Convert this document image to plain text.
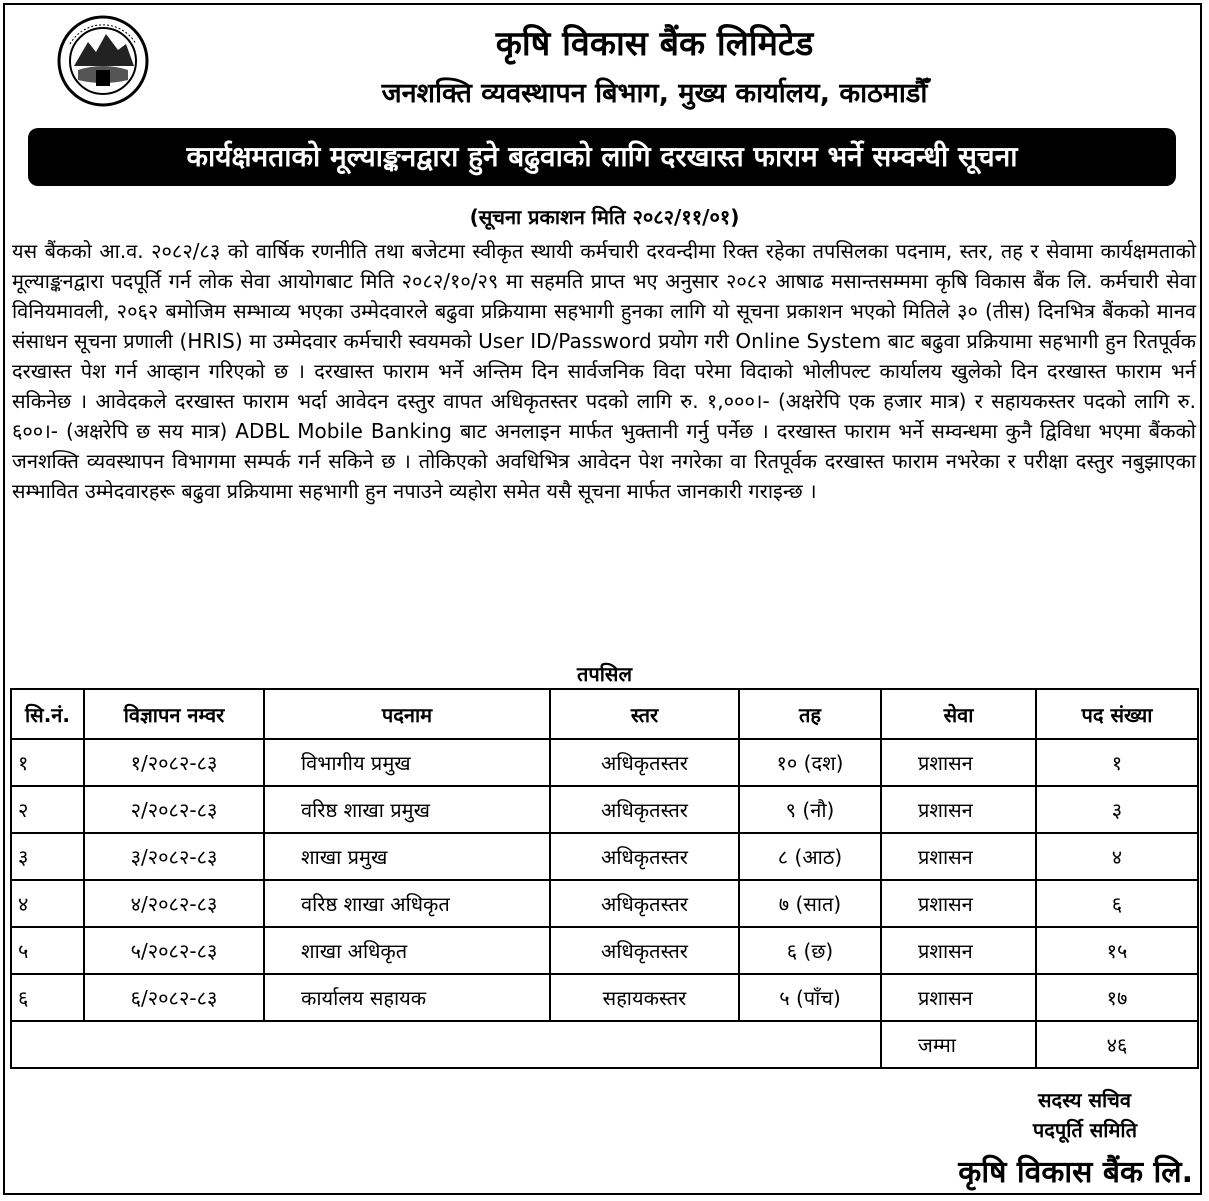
कृषि विकास बैंक लिमिटेड
जनशक्ति व्यवस्थापन बिभाग, मुख्य कार्यालय, काठमाडौँ
कार्यक्षमताको मूल्याङ्कनद्वारा हुने बढुवाको लागि दरखास्त फाराम भर्ने सम्वन्धी सूचना
(सूचना प्रकाशन मिति २०८२/११/०१)
यस बैंकको आ.व. २०८२/८३ को वार्षिक रणनीति तथा बजेटमा स्वीकृत स्थायी कर्मचारी दरवन्दीमा रिक्त रहेका तपसिलका पदनाम, स्तर, तह र सेवामा कार्यक्षमताको मूल्याङ्कनद्वारा पदपूर्ति गर्न लोक सेवा आयोगबाट मिति २०८२/१०/२९ मा सहमति प्राप्त भए अनुसार २०८२ आषाढ मसान्तसम्ममा कृषि विकास बैंक लि. कर्मचारी सेवा विनियमावली, २०६२ बमोजिम सम्भाव्य भएका उम्मेदवारले बढुवा प्रक्रियामा सहभागी हुनका लागि यो सूचना प्रकाशन भएको मितिले ३० (तीस) दिनभित्र बैंकको मानव संसाधन सूचना प्रणाली (HRIS) मा उम्मेदवार कर्मचारी स्वयमको User ID/Password प्रयोग गरी Online System बाट बढुवा प्रक्रियामा सहभागी हुन रितपूर्वक दरखास्त पेश गर्न आव्हान गरिएको छ । दरखास्त फाराम भर्ने अन्तिम दिन सार्वजनिक विदा परेमा विदाको भोलीपल्ट कार्यालय खुलेको दिन दरखास्त फाराम भर्न सकिनेछ । आवेदकले दरखास्त फाराम भर्दा आवेदन दस्तुर वापत अधिकृतस्तर पदको लागि रु. १,०००।- (अक्षरेपि एक हजार मात्र) र सहायकस्तर पदको लागि रु. ६००।- (अक्षरेपि छ सय मात्र) ADBL Mobile Banking बाट अनलाइन मार्फत भुक्तानी गर्नु पर्नेछ । दरखास्त फाराम भर्ने सम्वन्धमा कुनै द्विविधा भएमा बैंकको जनशक्ति व्यवस्थापन विभागमा सम्पर्क गर्न सकिने छ । तोकिएको अवधिभित्र आवेदन पेश नगरेका वा रितपूर्वक दरखास्त फाराम नभरेका र परीक्षा दस्तुर नबुझाएका सम्भावित उम्मेदवारहरू बढुवा प्रक्रियामा सहभागी हुन नपाउने व्यहोरा समेत यसै सूचना मार्फत जानकारी गराइन्छ ।
तपसिल
सि.नं.	विज्ञापन नम्वर	पदनाम	स्तर	तह	सेवा	पद संख्या
१	१/२०८२-८३	विभागीय प्रमुख	अधिकृतस्तर	१० (दश)	प्रशासन	१
२	२/२०८२-८३	वरिष्ठ शाखा प्रमुख	अधिकृतस्तर	९ (नौ)	प्रशासन	३
३	३/२०८२-८३	शाखा प्रमुख	अधिकृतस्तर	८ (आठ)	प्रशासन	४
४	४/२०८२-८३	वरिष्ठ शाखा अधिकृत	अधिकृतस्तर	७ (सात)	प्रशासन	६
५	५/२०८२-८३	शाखा अधिकृत	अधिकृतस्तर	६ (छ)	प्रशासन	१५
६	६/२०८२-८३	कार्यालय सहायक	सहायकस्तर	५ (पाँच)	प्रशासन	१७
					जम्मा	४६
सदस्य सचिव
पदपूर्ति समिति
कृषि विकास बैंक लि.
